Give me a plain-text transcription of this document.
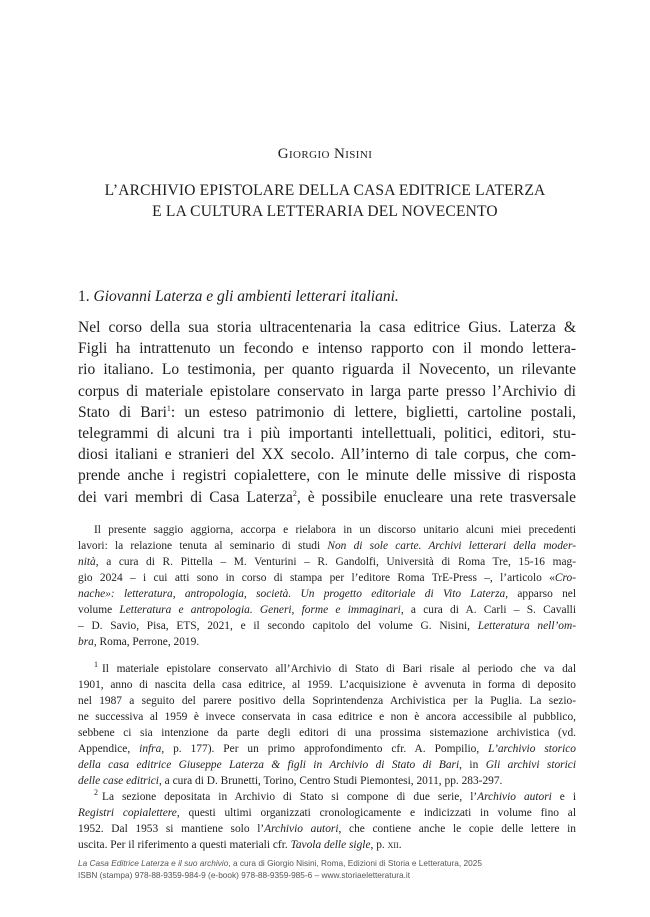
Giorgio Nisini
L’ARCHIVIO EPISTOLARE DELLA CASA EDITRICE LATERZA
E LA CULTURA LETTERARIA DEL NOVECENTO
1. Giovanni Laterza e gli ambienti letterari italiani.
Nel corso della sua storia ultracentenaria la casa editrice Gius. Laterza &
Figli ha intrattenuto un fecondo e intenso rapporto con il mondo lettera-
rio italiano. Lo testimonia, per quanto riguarda il Novecento, un rilevante
corpus di materiale epistolare conservato in larga parte presso l’Archivio di
Stato di Bari$^1$: un esteso patrimonio di lettere, biglietti, cartoline postali,
telegrammi di alcuni tra i più importanti intellettuali, politici, editori, stu-
diosi italiani e stranieri del XX secolo. All’interno di tale corpus, che com-
prende anche i registri copialettere, con le minute delle missive di risposta
dei vari membri di Casa Laterza$^2$, è possibile enucleare una rete trasversale
Il presente saggio aggiorna, accorpa e rielabora in un discorso unitario alcuni miei precedenti
lavori: la relazione tenuta al seminario di studi Non di sole carte. Archivi letterari della moder-
nità, a cura di R. Pittella – M. Venturini – R. Gandolfi, Università di Roma Tre, 15-16 mag-
gio 2024 – i cui atti sono in corso di stampa per l’editore Roma TrE-Press –, l’articolo «Cro-
nache»: letteratura, antropologia, società. Un progetto editoriale di Vito Laterza, apparso nel
volume Letteratura e antropologia. Generi, forme e immaginari, a cura di A. Carli – S. Cavalli
– D. Savio, Pisa, ETS, 2021, e il secondo capitolo del volume G. Nisini, Letteratura nell’om-
bra, Roma, Perrone, 2019.
$^1$ Il materiale epistolare conservato all’Archivio di Stato di Bari risale al periodo che va dal
1901, anno di nascita della casa editrice, al 1959. L’acquisizione è avvenuta in forma di deposito
nel 1987 a seguito del parere positivo della Soprintendenza Archivistica per la Puglia. La sezio-
ne successiva al 1959 è invece conservata in casa editrice e non è ancora accessibile al pubblico,
sebbene ci sia intenzione da parte degli editori di una prossima sistemazione archivistica (vd.
Appendice, infra, p. 177). Per un primo approfondimento cfr. A. Pompilio, L’archivio storico
della casa editrice Giuseppe Laterza & figli in Archivio di Stato di Bari, in Gli archivi storici
delle case editrici, a cura di D. Brunetti, Torino, Centro Studi Piemontesi, 2011, pp. 283-297.
$^2$ La sezione depositata in Archivio di Stato si compone di due serie, l’Archivio autori e i
Registri copialettere, questi ultimi organizzati cronologicamente e indicizzati in volume fino al
1952. Dal 1953 si mantiene solo l’Archivio autori, che contiene anche le copie delle lettere in
uscita. Per il riferimento a questi materiali cfr. Tavola delle sigle, p. xii.
La Casa Editrice Laterza e il suo archivio, a cura di Giorgio Nisini, Roma, Edizioni di Storia e Letteratura, 2025
ISBN (stampa) 978-88-9359-984-9 (e-book) 978-88-9359-985-6 – www.storiaeletteratura.it
